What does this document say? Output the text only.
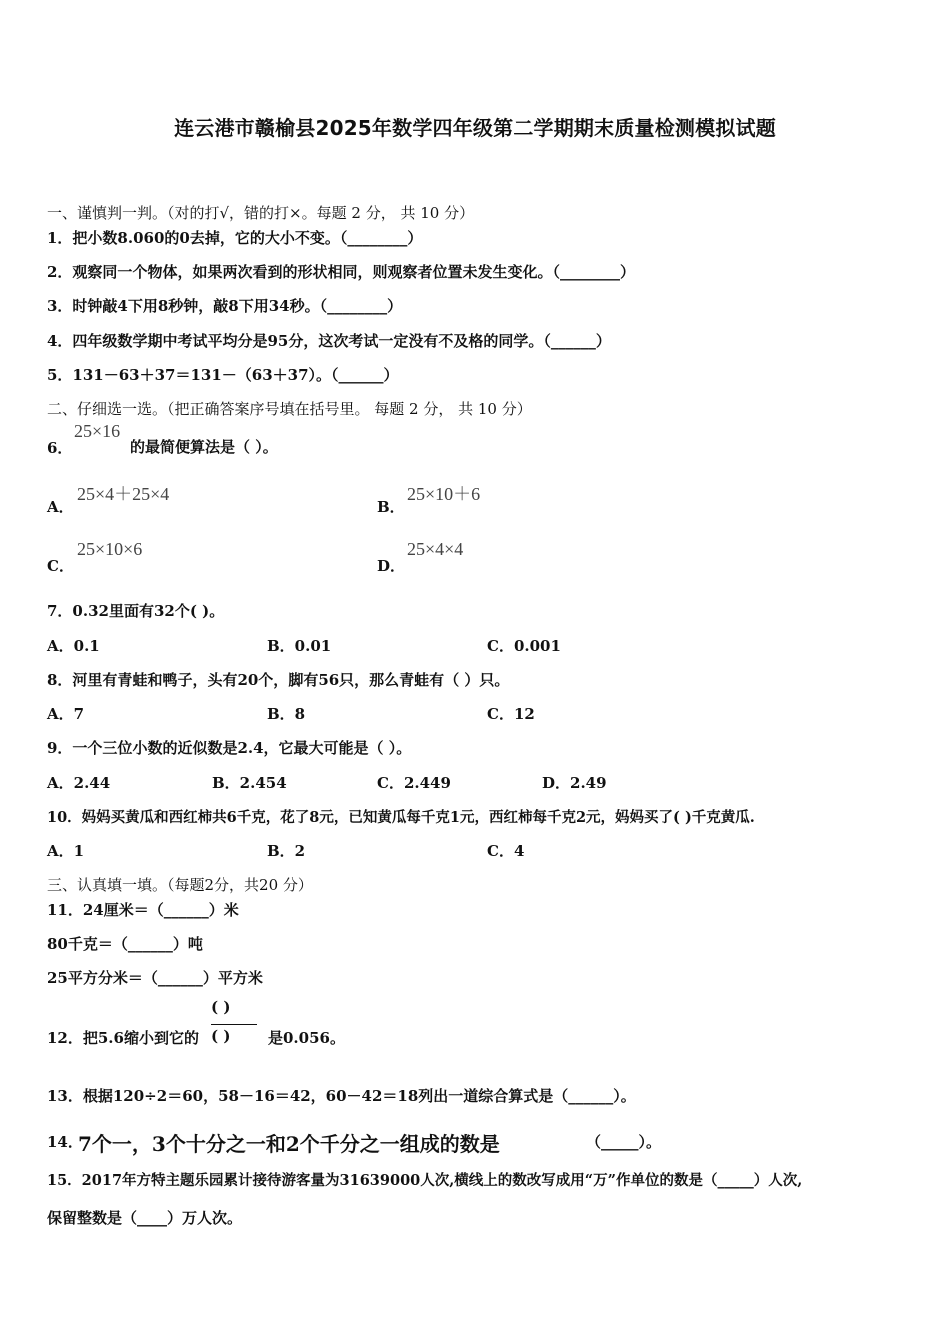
连云港市赣榆县2025年数学四年级第二学期期末质量检测模拟试题
一、谨慎判一判。（对的打√，错的打×。每题 2 分， 共 10 分）
1．把小数8.060的0去掉，它的大小不变。（________）
2．观察同一个物体，如果两次看到的形状相同，则观察者位置未发生变化。（________）
3．时钟敲4下用8秒钟，敲8下用34秒。（________）
4．四年级数学期中考试平均分是95分，这次考试一定没有不及格的同学。（______）
5．131－63＋37＝131－（63＋37）。（______）
二、仔细选一选。（把正确答案序号填在括号里。 每题 2 分， 共 10 分）
6．
25×16
的最简便算法是（ ）。
A．
25×4＋25×4
B．
25×10＋6
C．
25×10×6
D．
25×4×4
7．0.32里面有32个( )。
A．0.1	B．0.01	C．0.001
8．河里有青蛙和鸭子，头有20个，脚有56只，那么青蛙有（ ）只。
A．7	B．8	C．12
9．一个三位小数的近似数是2.4，它最大可能是（ ）。
A．2.44	B．2.454	C．2.449	D．2.49
10．妈妈买黄瓜和西红柿共6千克，花了8元，已知黄瓜每千克1元，西红柿每千克2元，妈妈买了( )千克黄瓜.
A．1	B．2	C．4
三、认真填一填。（每题2分，共20 分）
11．24厘米＝（______）米
80千克＝（______）吨
25平方分米＝（______）平方米
12．把5.6缩小到它的
( )
( )	是0.056。
13．根据120÷2＝60，58－16＝42，60－42＝18列出一道综合算式是（______）。
14．
7个一，3个十分之一和2个千分之一组成的数是	（_____）。
15．2017年方特主题乐园累计接待游客量为31639000人次,横线上的数改写成用“万”作单位的数是（_____）人次,
保留整数是（____）万人次。
